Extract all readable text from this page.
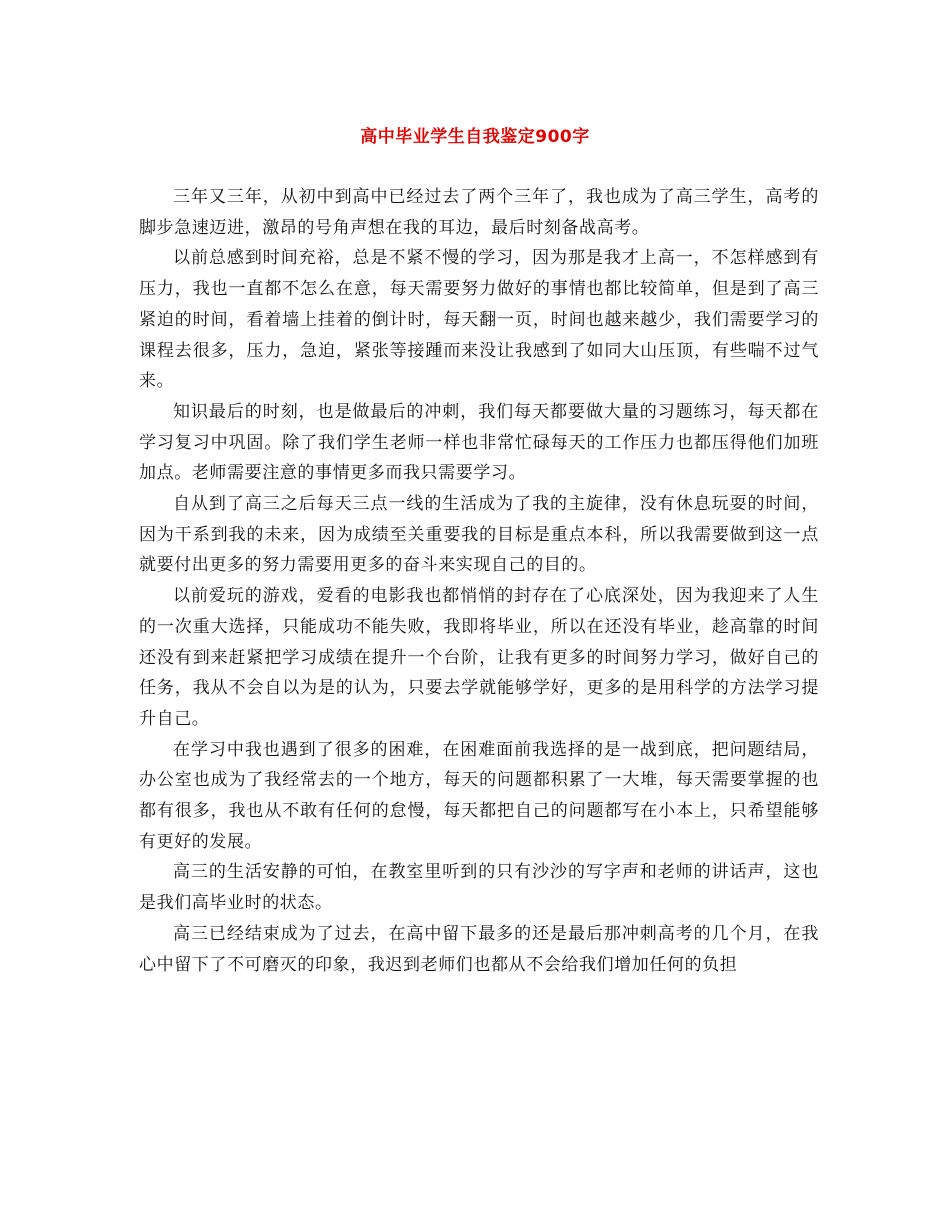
高中毕业学生自我鉴定900字

三年又三年，从初中到高中已经过去了两个三年了，我也成为了高三学生，高考的脚步急速迈进，激昂的号角声想在我的耳边，最后时刻备战高考。

以前总感到时间充裕，总是不紧不慢的学习，因为那是我才上高一，不怎样感到有压力，我也一直都不怎么在意，每天需要努力做好的事情也都比较简单，但是到了高三紧迫的时间，看着墙上挂着的倒计时，每天翻一页，时间也越来越少，我们需要学习的课程去很多，压力，急迫，紧张等接踵而来没让我感到了如同大山压顶，有些喘不过气来。

知识最后的时刻，也是做最后的冲刺，我们每天都要做大量的习题练习，每天都在学习复习中巩固。除了我们学生老师一样也非常忙碌每天的工作压力也都压得他们加班加点。老师需要注意的事情更多而我只需要学习。

自从到了高三之后每天三点一线的生活成为了我的主旋律，没有休息玩耍的时间，因为干系到我的未来，因为成绩至关重要我的目标是重点本科，所以我需要做到这一点就要付出更多的努力需要用更多的奋斗来实现自己的目的。

以前爱玩的游戏，爱看的电影我也都悄悄的封存在了心底深处，因为我迎来了人生的一次重大选择，只能成功不能失败，我即将毕业，所以在还没有毕业，趁高靠的时间还没有到来赶紧把学习成绩在提升一个台阶，让我有更多的时间努力学习，做好自己的任务，我从不会自以为是的认为，只要去学就能够学好，更多的是用科学的方法学习提升自己。

在学习中我也遇到了很多的困难，在困难面前我选择的是一战到底，把问题结局，办公室也成为了我经常去的一个地方，每天的问题都积累了一大堆，每天需要掌握的也都有很多，我也从不敢有任何的怠慢，每天都把自己的问题都写在小本上，只希望能够有更好的发展。

高三的生活安静的可怕，在教室里听到的只有沙沙的写字声和老师的讲话声，这也是我们高毕业时的状态。

高三已经结束成为了过去，在高中留下最多的还是最后那冲刺高考的几个月，在我心中留下了不可磨灭的印象，我迟到老师们也都从不会给我们增加任何的负担
